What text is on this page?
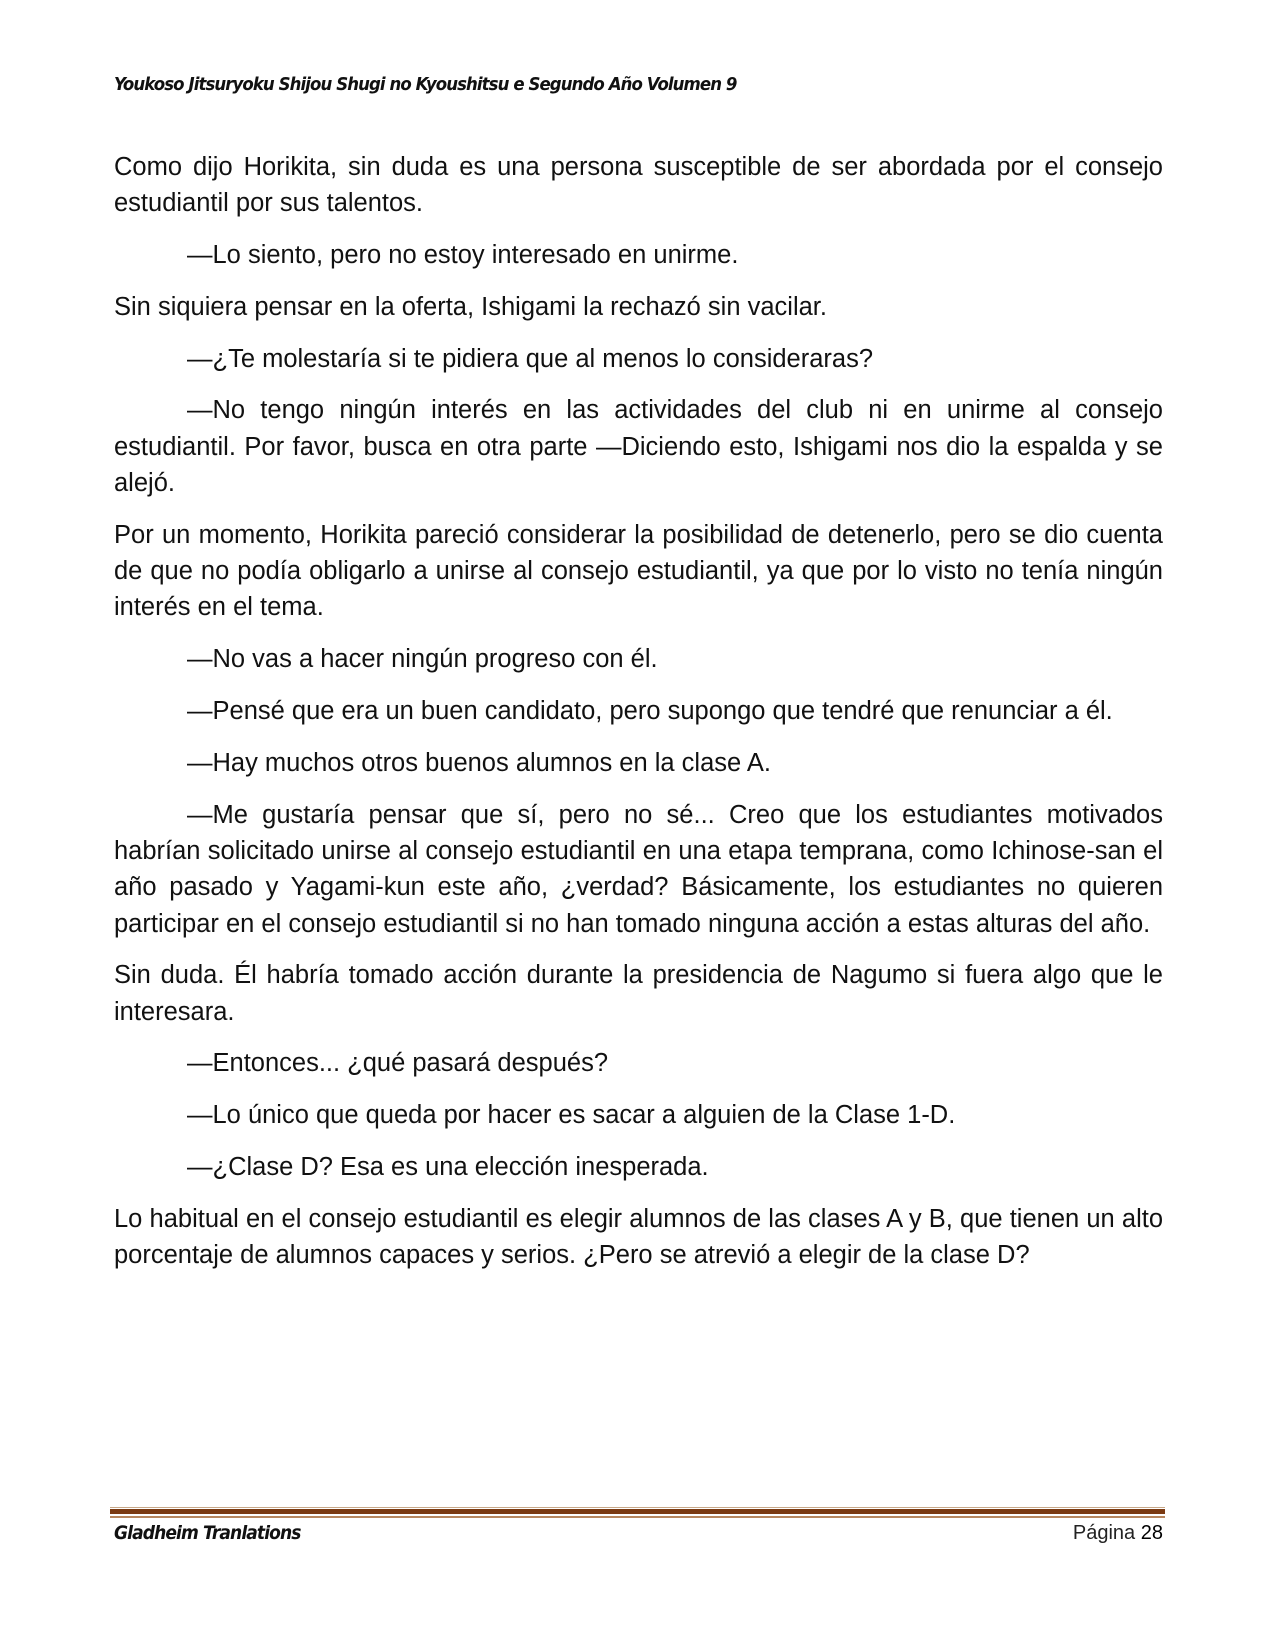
Youkoso Jitsuryoku Shijou Shugi no Kyoushitsu e Segundo Año Volumen 9

Como dijo Horikita, sin duda es una persona susceptible de ser abordada por el consejo estudiantil por sus talentos.

—Lo siento, pero no estoy interesado en unirme.

Sin siquiera pensar en la oferta, Ishigami la rechazó sin vacilar.

—¿Te molestaría si te pidiera que al menos lo consideraras?

—No tengo ningún interés en las actividades del club ni en unirme al consejo estudiantil. Por favor, busca en otra parte —Diciendo esto, Ishigami nos dio la espalda y se alejó.

Por un momento, Horikita pareció considerar la posibilidad de detenerlo, pero se dio cuenta de que no podía obligarlo a unirse al consejo estudiantil, ya que por lo visto no tenía ningún interés en el tema.

—No vas a hacer ningún progreso con él.

—Pensé que era un buen candidato, pero supongo que tendré que renunciar a él.

—Hay muchos otros buenos alumnos en la clase A.

—Me gustaría pensar que sí, pero no sé... Creo que los estudiantes motivados habrían solicitado unirse al consejo estudiantil en una etapa temprana, como Ichinose-san el año pasado y Yagami-kun este año, ¿verdad? Básicamente, los estudiantes no quieren participar en el consejo estudiantil si no han tomado ninguna acción a estas alturas del año.

Sin duda. Él habría tomado acción durante la presidencia de Nagumo si fuera algo que le interesara.

—Entonces... ¿qué pasará después?

—Lo único que queda por hacer es sacar a alguien de la Clase 1-D.

—¿Clase D? Esa es una elección inesperada.

Lo habitual en el consejo estudiantil es elegir alumnos de las clases A y B, que tienen un alto porcentaje de alumnos capaces y serios. ¿Pero se atrevió a elegir de la clase D?

Gladheim Tranlations	Página 28
